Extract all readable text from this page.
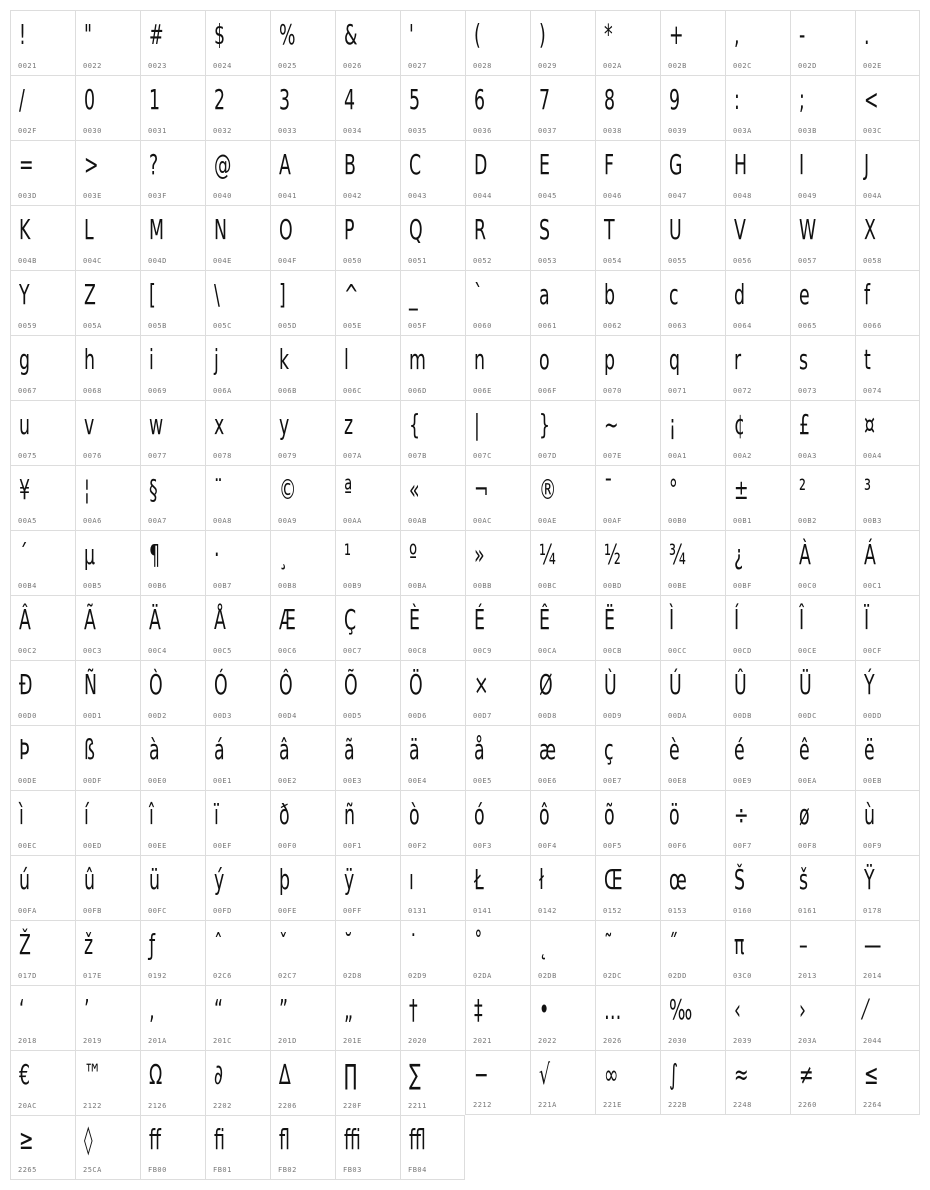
!
0021
"
0022
#
0023
$
0024
%
0025
&
0026
'
0027
(
0028
)
0029
*
002A
+
002B
,
002C
-
002D
.
002E
/
002F
0
0030
1
0031
2
0032
3
0033
4
0034
5
0035
6
0036
7
0037
8
0038
9
0039
:
003A
;
003B
<
003C
=
003D
>
003E
?
003F
@
0040
A
0041
B
0042
C
0043
D
0044
E
0045
F
0046
G
0047
H
0048
I
0049
J
004A
K
004B
L
004C
M
004D
N
004E
O
004F
P
0050
Q
0051
R
0052
S
0053
T
0054
U
0055
V
0056
W
0057
X
0058
Y
0059
Z
005A
[
005B
\
005C
]
005D
^
005E
_
005F
`
0060
a
0061
b
0062
c
0063
d
0064
e
0065
f
0066
g
0067
h
0068
i
0069
j
006A
k
006B
l
006C
m
006D
n
006E
o
006F
p
0070
q
0071
r
0072
s
0073
t
0074
u
0075
v
0076
w
0077
x
0078
y
0079
z
007A
{
007B
|
007C
}
007D
~
007E
¡
00A1
¢
00A2
£
00A3
¤
00A4
¥
00A5
¦
00A6
§
00A7
¨
00A8
©
00A9
ª
00AA
«
00AB
¬
00AC
®
00AE
¯
00AF
°
00B0
±
00B1
²
00B2
³
00B3
´
00B4
µ
00B5
¶
00B6
·
00B7
¸
00B8
¹
00B9
º
00BA
»
00BB
¼
00BC
½
00BD
¾
00BE
¿
00BF
À
00C0
Á
00C1
Â
00C2
Ã
00C3
Ä
00C4
Å
00C5
Æ
00C6
Ç
00C7
È
00C8
É
00C9
Ê
00CA
Ë
00CB
Ì
00CC
Í
00CD
Î
00CE
Ï
00CF
Ð
00D0
Ñ
00D1
Ò
00D2
Ó
00D3
Ô
00D4
Õ
00D5
Ö
00D6
×
00D7
Ø
00D8
Ù
00D9
Ú
00DA
Û
00DB
Ü
00DC
Ý
00DD
Þ
00DE
ß
00DF
à
00E0
á
00E1
â
00E2
ã
00E3
ä
00E4
å
00E5
æ
00E6
ç
00E7
è
00E8
é
00E9
ê
00EA
ë
00EB
ì
00EC
í
00ED
î
00EE
ï
00EF
ð
00F0
ñ
00F1
ò
00F2
ó
00F3
ô
00F4
õ
00F5
ö
00F6
÷
00F7
ø
00F8
ù
00F9
ú
00FA
û
00FB
ü
00FC
ý
00FD
þ
00FE
ÿ
00FF
ı
0131
Ł
0141
ł
0142
Œ
0152
œ
0153
Š
0160
š
0161
Ÿ
0178
Ž
017D
ž
017E
ƒ
0192
ˆ
02C6
ˇ
02C7
˘
02D8
˙
02D9
˚
02DA
˛
02DB
˜
02DC
˝
02DD
π
03C0
–
2013
—
2014
‘
2018
’
2019
‚
201A
“
201C
”
201D
„
201E
†
2020
‡
2021
•
2022
…
2026
‰
2030
‹
2039
›
203A
⁄
2044
€
20AC
™
2122
Ω
2126
∂
2202
∆
2206
∏
220F
∑
2211
−
2212
√
221A
∞
221E
∫
222B
≈
2248
≠
2260
≤
2264
≥
2265
◊
25CA
ﬀ
FB00
ﬁ
FB01
ﬂ
FB02
ﬃ
FB03
ﬄ
FB04
